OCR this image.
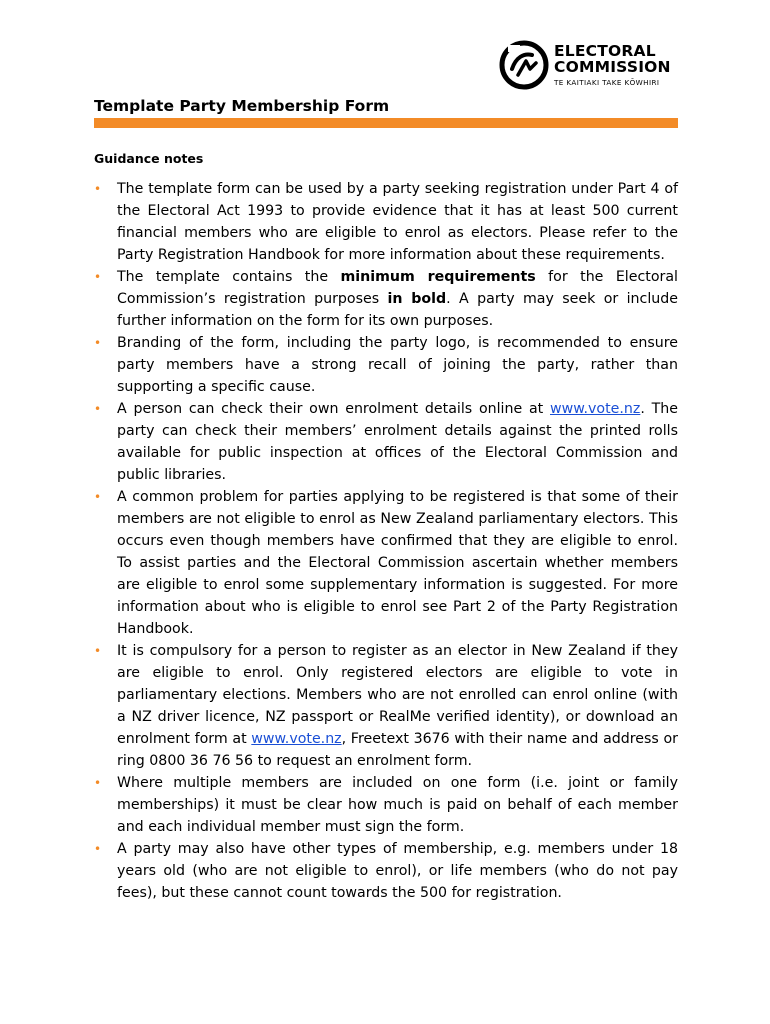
ELECTORAL
COMMISSION
TE KAITIAKI TAKE KŌWHIRI
Template Party Membership Form
Guidance notes
• The template form can be used by a party seeking registration under Part 4 of the Electoral Act 1993 to provide evidence that it has at least 500 current financial members who are eligible to enrol as electors. Please refer to the Party Registration Handbook for more information about these requirements.
• The template contains the minimum requirements for the Electoral Commission’s registration purposes in bold. A party may seek or include further information on the form for its own purposes.
• Branding of the form, including the party logo, is recommended to ensure party members have a strong recall of joining the party, rather than supporting a specific cause.
• A person can check their own enrolment details online at www.vote.nz. The party can check their members’ enrolment details against the printed rolls available for public inspection at offices of the Electoral Commission and public libraries.
• A common problem for parties applying to be registered is that some of their members are not eligible to enrol as New Zealand parliamentary electors. This occurs even though members have confirmed that they are eligible to enrol. To assist parties and the Electoral Commission ascertain whether members are eligible to enrol some supplementary information is suggested. For more information about who is eligible to enrol see Part 2 of the Party Registration Handbook.
• It is compulsory for a person to register as an elector in New Zealand if they are eligible to enrol. Only registered electors are eligible to vote in parliamentary elections. Members who are not enrolled can enrol online (with a NZ driver licence, NZ passport or RealMe verified identity), or download an enrolment form at www.vote.nz, Freetext 3676 with their name and address or ring 0800 36 76 56 to request an enrolment form.
• Where multiple members are included on one form (i.e. joint or family memberships) it must be clear how much is paid on behalf of each member and each individual member must sign the form.
• A party may also have other types of membership, e.g. members under 18 years old (who are not eligible to enrol), or life members (who do not pay fees), but these cannot count towards the 500 for registration.
